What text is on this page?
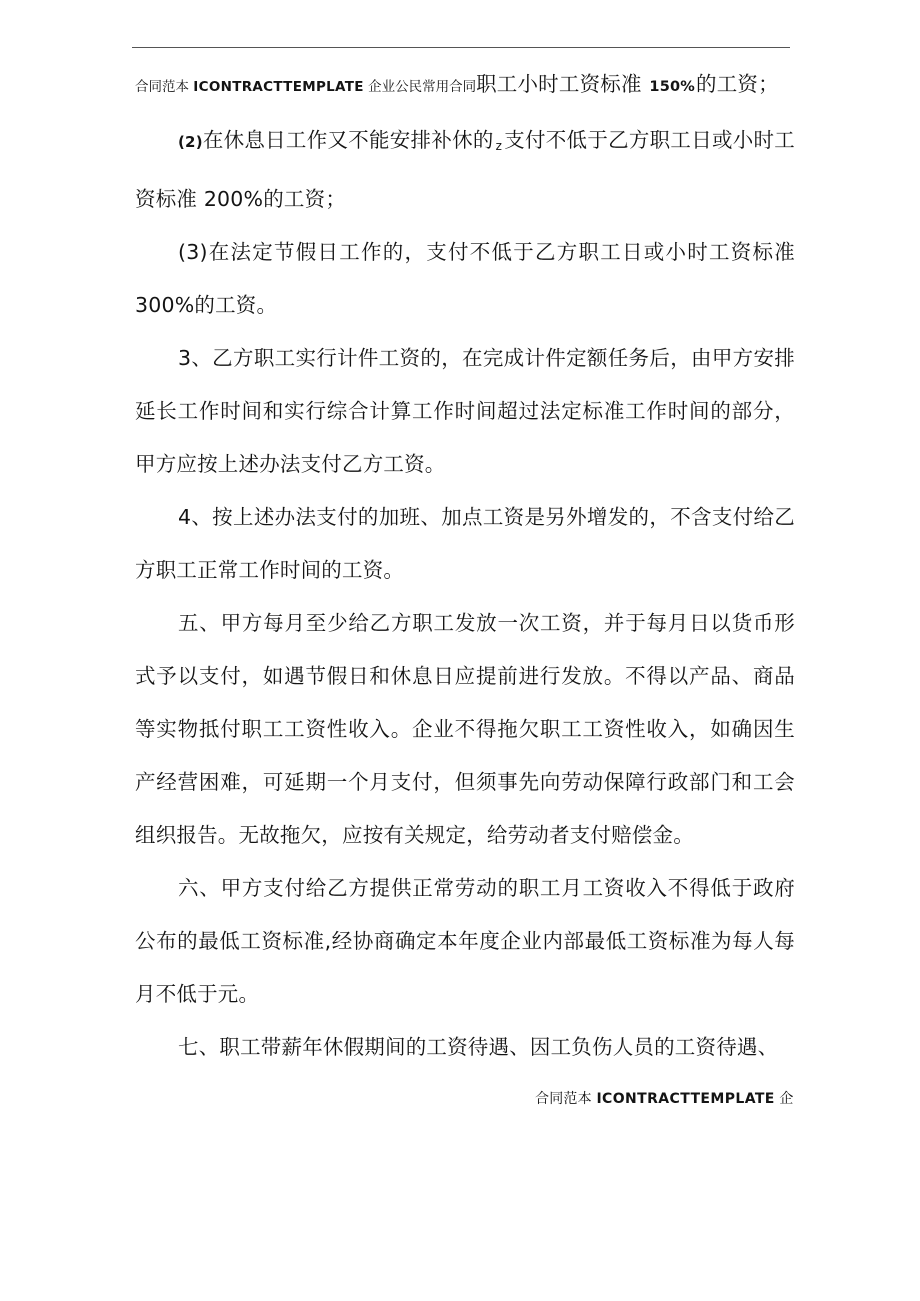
合同范本 ICONTRACTTEMPLATE 企业公民常用合同职工小时工资标准 150%的工资；

(2)在休息日工作又不能安排补休的 z支付不低于乙方职工日或小时工资标准 200%的工资；

(3)在法定节假日工作的，支付不低于乙方职工日或小时工资标准 300%的工资。

3、乙方职工实行计件工资的，在完成计件定额任务后，由甲方安排延长工作时间和实行综合计算工作时间超过法定标准工作时间的部分，甲方应按上述办法支付乙方工资。

4、按上述办法支付的加班、加点工资是另外增发的，不含支付给乙方职工正常工作时间的工资。

五、甲方每月至少给乙方职工发放一次工资，并于每月日以货币形式予以支付，如遇节假日和休息日应提前进行发放。不得以产品、商品等实物抵付职工工资性收入。企业不得拖欠职工工资性收入，如确因生产经营困难，可延期一个月支付，但须事先向劳动保障行政部门和工会组织报告。无故拖欠，应按有关规定，给劳动者支付赔偿金。

六、甲方支付给乙方提供正常劳动的职工月工资收入不得低于政府公布的最低工资标准,经协商确定本年度企业内部最低工资标准为每人每月不低于元。

七、职工带薪年休假期间的工资待遇、因工负伤人员的工资待遇、

合同范本 ICONTRACTTEMPLATE 企
